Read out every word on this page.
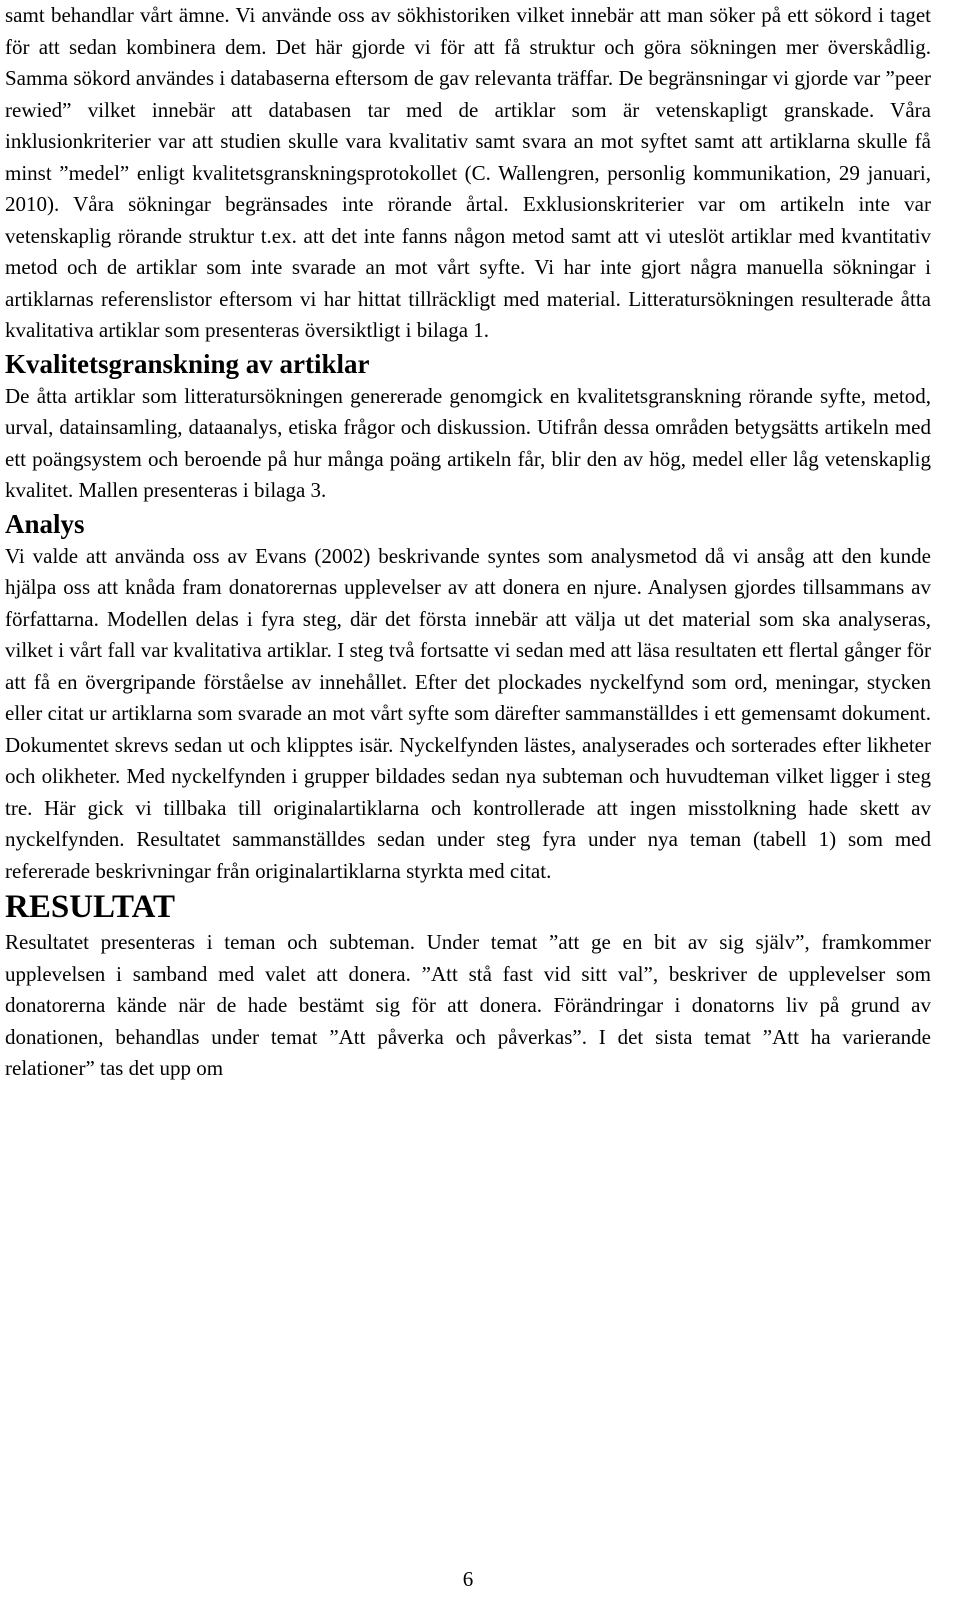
samt behandlar vårt ämne. Vi använde oss av sökhistoriken vilket innebär att man söker på ett sökord i taget för att sedan kombinera dem. Det här gjorde vi för att få struktur och göra sökningen mer överskådlig. Samma sökord användes i databaserna eftersom de gav relevanta träffar. De begränsningar vi gjorde var ”peer rewied” vilket innebär att databasen tar med de artiklar som är vetenskapligt granskade. Våra inklusionkriterier var att studien skulle vara kvalitativ samt svara an mot syftet samt att artiklarna skulle få minst ”medel” enligt kvalitetsgranskningsprotokollet (C. Wallengren, personlig kommunikation, 29 januari, 2010). Våra sökningar begränsades inte rörande årtal. Exklusionskriterier var om artikeln inte var vetenskaplig rörande struktur t.ex. att det inte fanns någon metod samt att vi uteslöt artiklar med kvantitativ metod och de artiklar som inte svarade an mot vårt syfte. Vi har inte gjort några manuella sökningar i artiklarnas referenslistor eftersom vi har hittat tillräckligt med material. Litteratursökningen resulterade åtta kvalitativa artiklar som presenteras översiktligt i bilaga 1.

Kvalitetsgranskning av artiklar

De åtta artiklar som litteratursökningen genererade genomgick en kvalitetsgranskning rörande syfte, metod, urval, datainsamling, dataanalys, etiska frågor och diskussion. Utifrån dessa områden betygsätts artikeln med ett poängsystem och beroende på hur många poäng artikeln får, blir den av hög, medel eller låg vetenskaplig kvalitet. Mallen presenteras i bilaga 3.

Analys

Vi valde att använda oss av Evans (2002) beskrivande syntes som analysmetod då vi ansåg att den kunde hjälpa oss att knåda fram donatorernas upplevelser av att donera en njure. Analysen gjordes tillsammans av författarna. Modellen delas i fyra steg, där det första innebär att välja ut det material som ska analyseras, vilket i vårt fall var kvalitativa artiklar. I steg två fortsatte vi sedan med att läsa resultaten ett flertal gånger för att få en övergripande förståelse av innehållet. Efter det plockades nyckelfynd som ord, meningar, stycken eller citat ur artiklarna som svarade an mot vårt syfte som därefter sammanställdes i ett gemensamt dokument. Dokumentet skrevs sedan ut och klipptes isär. Nyckelfynden lästes, analyserades och sorterades efter likheter och olikheter. Med nyckelfynden i grupper bildades sedan nya subteman och huvudteman vilket ligger i steg tre. Här gick vi tillbaka till originalartiklarna och kontrollerade att ingen misstolkning hade skett av nyckelfynden. Resultatet sammanställdes sedan under steg fyra under nya teman (tabell 1) som med refererade beskrivningar från originalartiklarna styrkta med citat.

RESULTAT

Resultatet presenteras i teman och subteman. Under temat ”att ge en bit av sig själv”, framkommer upplevelsen i samband med valet att donera. ”Att stå fast vid sitt val”, beskriver de upplevelser som donatorerna kände när de hade bestämt sig för att donera. Förändringar i donatorns liv på grund av donationen, behandlas under temat ”Att påverka och påverkas”. I det sista temat ”Att ha varierande relationer” tas det upp om

6
